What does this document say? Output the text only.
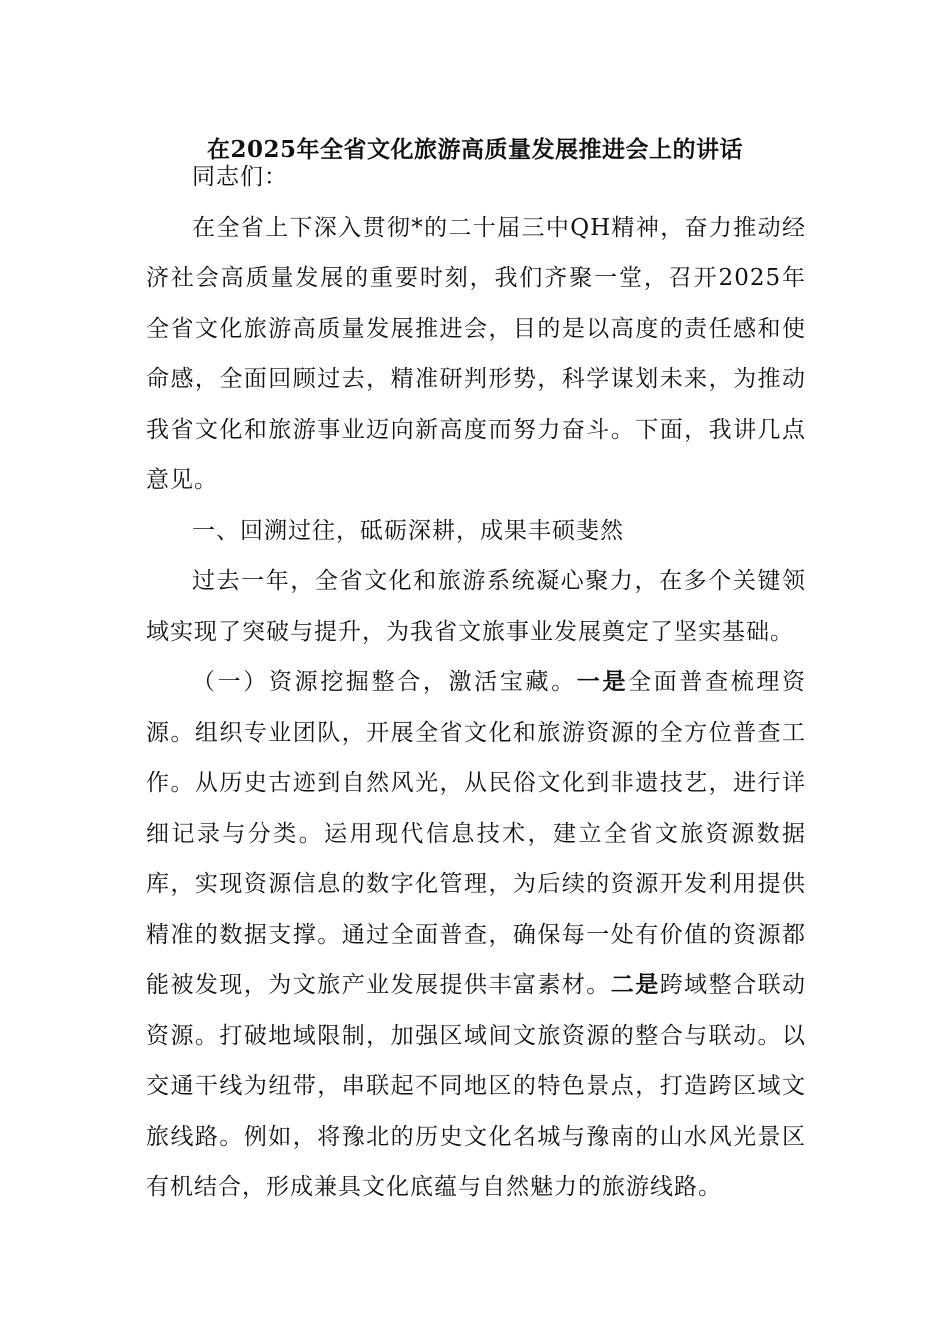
在2025年全省文化旅游高质量发展推进会上的讲话

同志们：

在全省上下深入贯彻*的二十届三中QH精神，奋力推动经济社会高质量发展的重要时刻，我们齐聚一堂，召开2025年全省文化旅游高质量发展推进会，目的是以高度的责任感和使命感，全面回顾过去，精准研判形势，科学谋划未来，为推动我省文化和旅游事业迈向新高度而努力奋斗。下面，我讲几点意见。

一、回溯过往，砥砺深耕，成果丰硕斐然

过去一年，全省文化和旅游系统凝心聚力，在多个关键领域实现了突破与提升，为我省文旅事业发展奠定了坚实基础。

（一）资源挖掘整合，激活宝藏。一是全面普查梳理资源。组织专业团队，开展全省文化和旅游资源的全方位普查工作。从历史古迹到自然风光，从民俗文化到非遗技艺，进行详细记录与分类。运用现代信息技术，建立全省文旅资源数据库，实现资源信息的数字化管理，为后续的资源开发利用提供精准的数据支撑。通过全面普查，确保每一处有价值的资源都能被发现，为文旅产业发展提供丰富素材。二是跨域整合联动资源。打破地域限制，加强区域间文旅资源的整合与联动。以交通干线为纽带，串联起不同地区的特色景点，打造跨区域文旅线路。例如，将豫北的历史文化名城与豫南的山水风光景区有机结合，形成兼具文化底蕴与自然魅力的旅游线路。
